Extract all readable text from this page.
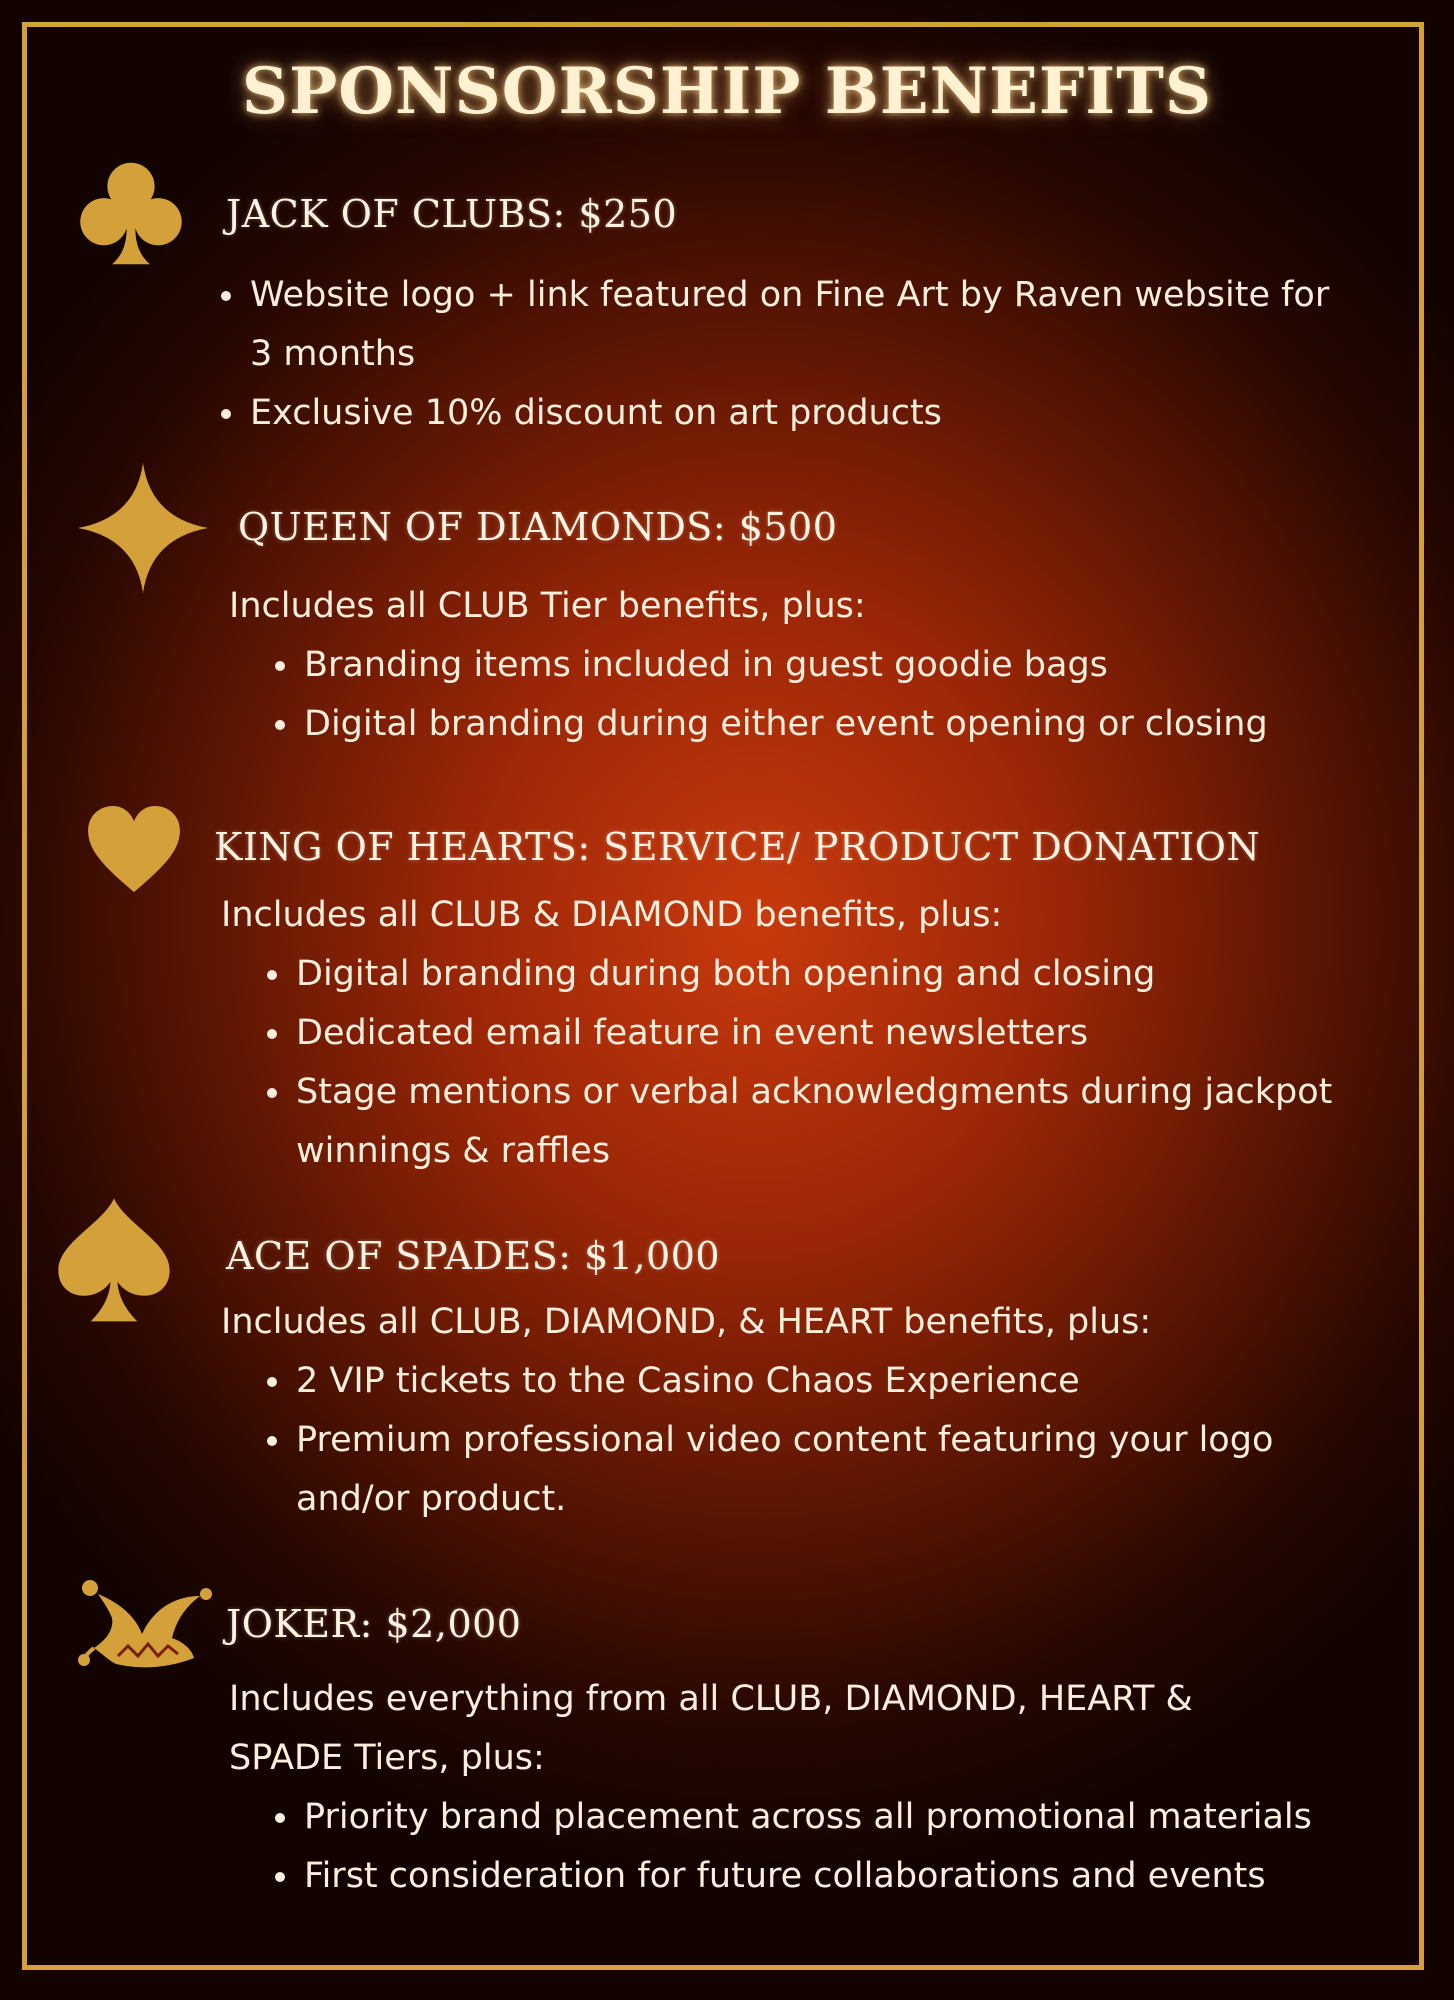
SPONSORSHIP BENEFITS
JACK OF CLUBS: $250
• Website logo + link featured on Fine Art by Raven website for 3 months
• Exclusive 10% discount on art products
QUEEN OF DIAMONDS: $500
Includes all CLUB Tier benefits, plus:
• Branding items included in guest goodie bags
• Digital branding during either event opening or closing
KING OF HEARTS: SERVICE/ PRODUCT DONATION
Includes all CLUB & DIAMOND benefits, plus:
• Digital branding during both opening and closing
• Dedicated email feature in event newsletters
• Stage mentions or verbal acknowledgments during jackpot winnings & raffles
ACE OF SPADES: $1,000
Includes all CLUB, DIAMOND, & HEART benefits, plus:
• 2 VIP tickets to the Casino Chaos Experience
• Premium professional video content featuring your logo and/or product.
JOKER: $2,000
Includes everything from all CLUB, DIAMOND, HEART & SPADE Tiers, plus:
• Priority brand placement across all promotional materials
• First consideration for future collaborations and events
